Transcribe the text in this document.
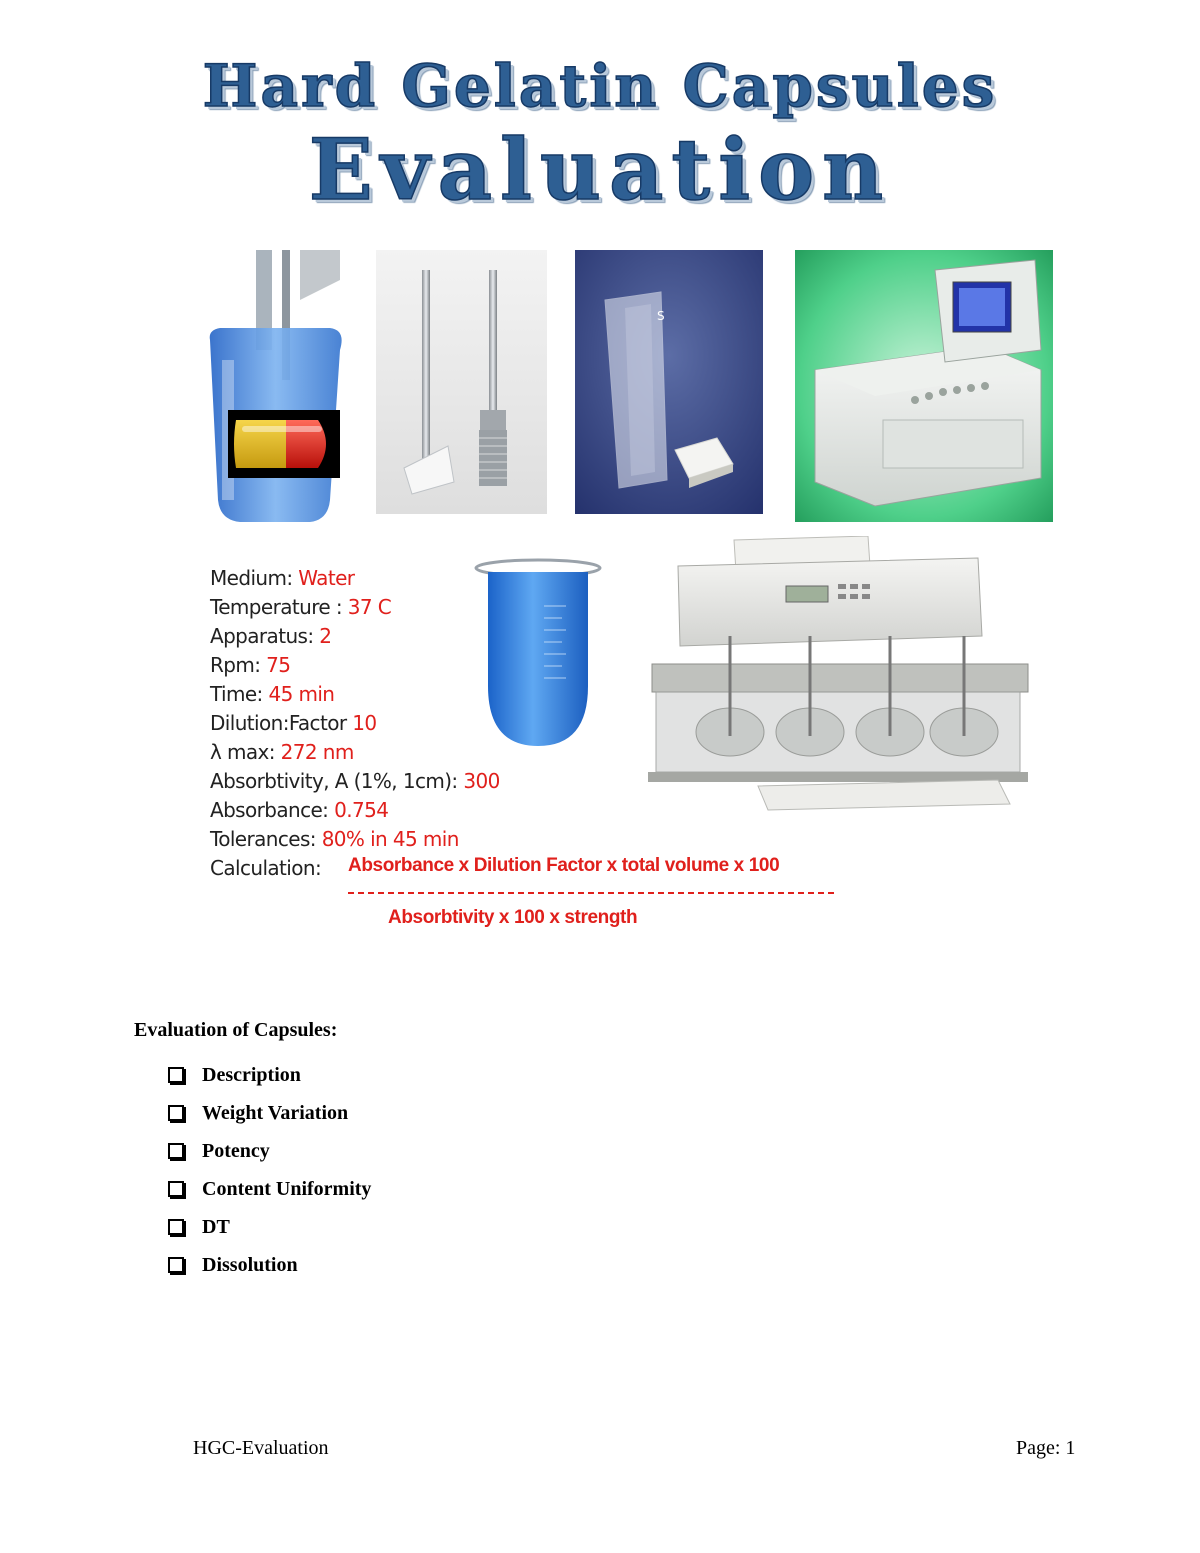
Hard Gelatin Capsules
Evaluation
S
Medium: Water
Temperature : 37 C
Apparatus: 2
Rpm: 75
Time: 45 min
Dilution:Factor 10
λ max: 272 nm
Absorbtivity, A (1%, 1cm): 300
Absorbance: 0.754
Tolerances: 80% in 45 min
Calculation:	Absorbance x Dilution Factor x total volume x 100
Absorbtivity x 100 x strength
Evaluation of Capsules:
Description
Weight Variation
Potency
Content Uniformity
DT
Dissolution
HGC-Evaluation	Page: 1
